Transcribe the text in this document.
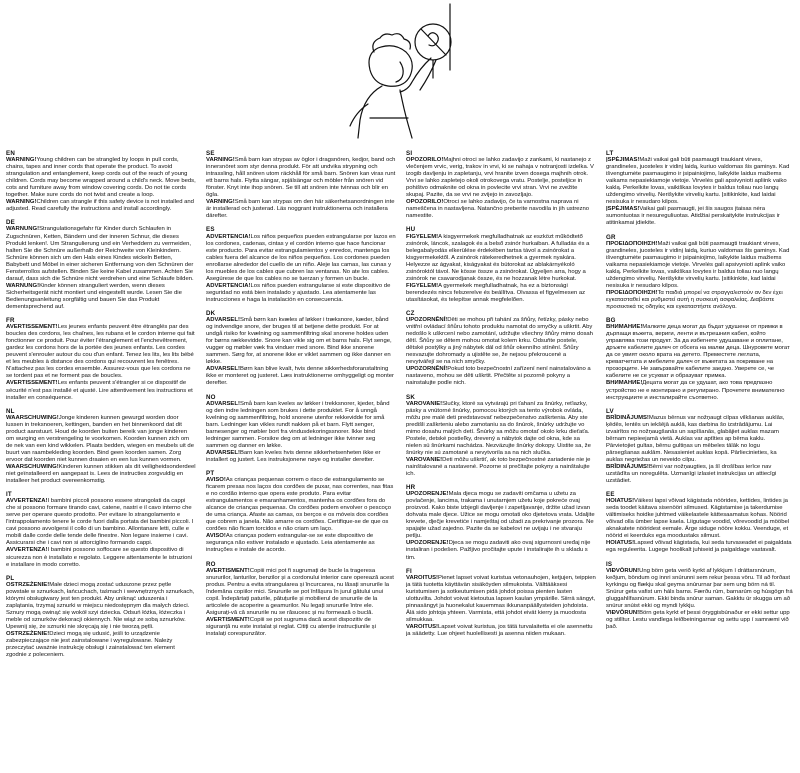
EN

WARNING!Young children can be strangled by loops in pull cords, chains, tapes and inner cords that operate the product. To avoid strangulation and entanglement, keep cords out of the reach of young children. Cords may become wrapped around a child's neck. Move beds, cots and furniture away from window covering cords. Do not tie cords together. Make sure cords do not twist and create a loop.

WARNING!Children can strangle if this safety device is not installed and adjusted. Read carefully the instructions and install accordingly.

DE

WARNUNG!Strangulationsgefahr für Kinder durch Schlaufen in Zugschnüren, Ketten, Bändern und der inneren Schnur, die dieses Produkt lenken!. Um Strangulierung und ein Verheddern zu vermeiden, halten Sie die Schnüre außerhalb der Reichweite von Kleinkindern. Schnüre können sich um den Hals eines Kindes wickeln Betten, Babybett und Möbel in einer sicheren Entfernung von den Schnüren der Fensterrollos aufstellen. Binden Sie keine Kabel zusammen. Achten Sie darauf, dass sich die Schnüre nicht verdrehen und eine Schlaufe bilden.

WARNUNG!Kinder können stranguliert werden, wenn dieses Sicherheitsgerät nicht montiert und eingestellt wurde. Lesen Sie die Bedienungsanleitung sorgfältig und bauen Sie das Produkt dementsprechend auf.

FR

AVERTISSEMENT!Les jeunes enfants peuvent être étranglés par des boucles des cordons, les chaînes, les rubans et le cordon interne qui fait fonctionner ce produit. Pour éviter l'étranglement et l'enchevêtrement, gardez les cordons hors de la portée des jeunes enfants. Les cordes peuvent s'enrouler autour du cou d'un enfant. Tenez les lits, les lits bébé et les meubles à distance des cordons qui recouvrent les fenêtres. N'attachez pas les cordes ensemble. Assurez-vous que les cordons ne se tordent pas et ne forment pas de boucles.

AVERTISSEMENT!Les enfants peuvent s'étrangler si ce dispositif de sécurité n'est pas installé et ajusté. Lire attentivement les instructions et installer en conséquence.

NL

WAARSCHUWING!Jonge kinderen kunnen gewurgd worden door lussen in treksnoeren, kettingen, banden en het binnenkoord dat dit product aanstuurt. Houd de koorden buiten bereik van jonge kinderen om wurging en verstrengeling te voorkomen. Koorden kunnen zich om de nek van een kind wikkelen. Plaats bedden, wiegen en meubels uit de buurt van raambekleding koorden. Bind geen koorden samen. Zorg ervoor dat koorden niet kunnen draaien en een lus kunnen vormen.

WAARSCHUWING!Kinderen kunnen stikken als dit veiligheidsonderdeel niet geïnstalleerd en aangepast is. Lees de instructies zorgvuldig en installeer het product overeenkomstig.

IT

AVVERTENZA!I bambini piccoli possono essere strangolati da cappi che si possono formare tirando cavi, catene, nastri e il cavo interno che serve per operare questo prodotto. Per evitare lo strangolamento e l'intrappolamento tenere le corde fuori dalla portata dei bambini piccoli. I cavi possono avvolgersi il collo di un bambino. Allontanare letti, culle e mobili dalle corde delle tende delle finestre. Non legare insieme i cavi. Assicurarsi che i cavi non si attorciglino formando cappi.

AVVERTENZA!I bambini possono soffocare se questo dispositivo di sicurezza non è installato e regolato. Leggere attentamente le istruzioni e installare in modo corretto.

PL

OSTRZEŻENIE!Małe dzieci mogą zostać uduszone przez pętle powstałe w sznurkach, łańcuchach, taśmach i wewnętrznych sznurkach, którymi obsługiwany jest ten produkt. Aby uniknąć uduszenia i zaplątania, trzymaj sznurki w miejscu niedostępnym dla małych dzieci. Sznury mogą owinąć się wokół szyi dziecka. Odsuń łóżka, łóżeczka i meble od sznurków dekoracji okiennych. Nie wiąż ze sobą sznurków. Upewnij się, że sznurki nie skręcają się i nie tworzą pętli.

OSTRZEŻENIE!Dzieci mogą się udusić, jeśli to urządzenie zabezpieczające nie jest zainstalowane i wyregulowane. Należy przeczytać uważnie instrukcję obsługi i zainstalować ten element zgodnie z poleceniem.

SE

VARNING!Små barn kan strypas av öglor i dragsnören, kedjor, band och innersnöret som styr denna produkt. För att undvika strypning och intrassling, håll snören utom räckhåll för små barn. Snören kan viras runt ett barns hals. Flytta sängar, spjälsängar och möbler från snören vid fönster. Knyt inte ihop snören. Se till att snören inte tvinnas och blir en ögla.

VARNING!Små barn kan strypas om den här säkerhetsanordningen inte är installerad och justerad. Läs noggrant instruktionerna och installera därefter.

ES

ADVERTENCIA!Los niños pequeños pueden estrangularse por lazos en los cordones, cadenas, cintas y el cordón interno que hace funcionar este producto. Para evitar estrangulamientos y enredos, mantenga los cables fuera del alcance de los niños pequeños. Los cordones pueden enrollarse alrededor del cuello de un niño. Aleje las camas, las cunas y los muebles de los cables que cubren las ventanas. No ate los cables. Asegúrese de que los cables no se tuerzan y formen un bucle.

ADVERTENCIA!Los niños pueden estrangularse si este dispositivo de seguridad no está bien instalado y ajustado. Lea atentamente las instrucciones e haga la instalación en consecuencia.

DK

ADVARSEL!Små børn kan kvæles af løkker i træksnore, kæder, bånd og indvendige snore, der bruges til at betjene dette produkt. For at undgå risiko for kvælning og sammenfiltring skal snorene holdes uden for børns rækkevidde. Snore kan vikle sig om et barns hals. Flyt senge, vugger og møbler væk fra vinduer med snore. Bind ikke snorene sammen. Sørg for, at snorene ikke er viklet sammen og ikke danner en løkke.

ADVARSEL!Børn kan blive kvalt, hvis denne sikkerhedsforanstaltning ikke er monteret og justeret. Læs instruktionerne omhyggeligt og monter derefter.

NO

ADVARSEL!Små barn kan kveles av løkker i trekksnorer, kjeder, bånd og den indre ledningen som brukes i dette produktet. For å unngå kvelning og sammenfiltring, hold snorene utenfor rekkevidde for små barn. Ledninger kan vikles rundt nakken på et barn. Flytt senger, barnesenger og møbler bort fra vindusdekoringssnorer. Ikke bind ledninger sammen. Forsikre deg om at ledninger ikke tvinner seg sammen og danner en løkke.

ADVARSEL!Barn kan kveles hvis denne sikkerhetsenheten ikke er installert og justert. Les instruksjonene nøye og installer deretter.

PT

AVISO!As crianças pequenas correm o risco de estrangulamento se ficarem presas nos laços dos cordões de puxar, nas correntes, nas fitas e no cordão interno que opera este produto. Para evitar estrangulamentos e emaranhamentos, mantenha os cordões fora do alcance de crianças pequenas. Os cordões podem envolver o pescoço de uma criança. Afaste as camas, os berços e os móveis dos cordões que cobrem a janela. Não amarre os cordões. Certifique-se de que os cordões não ficam torcidos e não criam um laço.

AVISO!As crianças podem estrangular-se se este dispositivo de segurança não estiver instalado e ajustado. Leia atentamente as instruções e instale de acordo.

RO

AVERTISMENT!Copiii mici pot fi sugrumați de bucle la trageresa snururilor, lanturilor, benzilor și a cordonului interior care operează acest produs. Pentru a evita strangularea și încurcarea, nu lăsați snururile la îndemâna copiilor mici. Snururile se pot înfășura în jurul gâtului unui copil. Îndepărtați paturile, pătuțurile și mobilierul de snururile de la articolele de acoperire a geamurilor. Nu legați snururile între ele. Asigurați-vă că snururile nu se răsucesc și nu formează o buclă.

AVERTISMENT!Copiii se pot sugruma dacă acest dispozitiv de siguranță nu este instalat și reglat. Citiți cu atenție instrucțiunile și instalați corespunzător.

SI

OPOZORILO!Majhni otroci se lahko zadavijo z zankami, ki nastanejo z vlečenjem vrvic, verig, trakov in vrvi, ki se nahaja v notranjosti izdelka. V izogib davljenju in zapletanju, vrvi hranite izven dosega majhnih otrok. Vrvi se lahko zapletejo okoli otrokovega vratu. Postelje, posteljice in pohištvo odmaknite od okna in povlecite vrvi stran. Vrvi ne zvežite skupaj. Pazite, da se vrvi ne zvijejo in zavozljajo.

OPOZORILO!Otroci se lahko zadavijo, če ta varnostna naprava ni nameščena in nastavljena. Natančno preberite navodila in jih ustrezno namestite.

HU

FIGYELEM!A kisgyermekek megfulladhatnak az eszközt működtető zsinórok, láncok, szalagok és a belső zsinór hurkaiban. A fulladás és a belegabalyodás elkerülése érdekében tartsa távol a zsinórokat a kisgyermekektől. A zsinórok rátekeredhetnek a gyermek nyakára. Helyezze az ágyakat, kiságyakat és bútorokat az ablakárnyékoló zsinóroktól távol. Ne kösse össze a zsinórokat. Ügyeljen arra, hogy a zsinórok ne csavarodjanak össze, és ne hozzanak létre hurkokat.

FIGYELEM!A gyermekek megfulladhatnak, ha ez a biztonsági berendezés nincs felszerelve és beállítva. Olvassa el figyelmesen az utasításokat, és telepítse annak megfelelően.

CZ

UPOZORNĚNÍ!Děti se mohou při tahání za šňůry, řetízky, pásky nebo vnitřní ovládací šňůru tohoto produktu namotat do smyčky a uškrtit. Aby nedošlo k uškrcení nebo zamotání, udržujte všechny šňůry mimo dosah dětí. Šňůry se dětem mohou omotat kolem krku. Odsuňte postele, dětské postýlky a jiný nábytek dál od šňůr okenního stínění. Šňůry nesvazujte dohromady a ujistěte se, že nejsou překroucené a nevytvářejí se na nich smyčky.

UPOZORNĚNÍ!Pokud toto bezpečnostní zařízení není nainstalováno a nastaveno, mohou se děti uškrtit. Přečtěte si pozorně pokyny a nainstalujte podle nich.

SK

VAROVANIE!Slučky, ktoré sa vytvárajú pri ťahaní za šnúrky, reťiazky, pásky a vnútorné šnúrky, pomocou ktorých sa tento výrobok ovláda, môžu pre malé deti predstavovať nebezpečenstvo zaškrtenia. Aby ste predišli zaškrteniu alebo zamotaniu sa do šnúrok, šnúrky udržujte vo mimo dosahu malých detí. Šnúrky sa môžu omotať okolo krku dieťaťa. Postele, detské postieľky, drevený a nábytok dajte od okna, kde sa nielen sú šnúrkami nachádza. Nezväzujte šnúrky dokopy. Uistite sa, že šnúrky nie sú zamotané a nevytvorila sa na nich slučka.

VAROVANIE!Deti môžu uškrtiť, ak toto bezpečnostné zariadenie nie je nainštalované a nastavené. Pozorne si prečítajte pokyny a nainštalujte ich.

HR

UPOZORENJE!Mala djeca mogu se zadaviti omčama u užetu za povlačenje, lancima, trakama i unutarnjem užetu koje pokreće ovaj proizvod. Kako biste izbjegli davljenje i zapetljavanje, držite užad izvan dohvata male djece. Užice se mogu omotati oko djetetova vrata. Udaljite krevete, dječje krevetiće i namještaj od užadi za prekrivanje prozora. Ne spajajte užad zajedno. Pazite da se kabelovi ne uvijaju i ne stvaraju petlju.

UPOZORENJE!Djeca se mogu zadaviti ako ovaj sigurnosni uređaj nije instaliran i podešen. Pažljivo pročitajte upute i instalirajte ih u skladu s tim.

FI

VAROITUS!Pienet lapset voivat kuristua vetonauhojen, ketjujen, teippien ja tätä tuotetta käyttävän sisäköyden silmukoista. Välttääksesi kuristumisen ja sotkeutumisen pidä johdot poissa pienten lasten ulottuvilta. Johdot voivat kietoutua lapsen kaulan ympärille. Siirrä sängyt, pinnasängyt ja huonekalut kauemmas ikkunanpäällysteiden johdoista. Älä sido johtoja yhteen. Varmista, että johdot eivät kierry ja muodosta silmukkaa.

VAROITUS!Lapset voivat kuristua, jos tätä turvalaitetta ei ole asennettu ja säädetty. Lue ohjeet huolellisesti ja asenna niiden mukaan.

LT

ĮSPĖJIMAS!Maži vaikai gali būti pasmaugti traukiant virves, grandineles, juosteles ir vidinį laidą, kuriuo valdomas šis gaminys. Kad išvengtumėte pasmaugimo ir įsipainiojimo, laikykite laidus mažiems vaikams nepasiekiamoje vietoje. Virvelės gali apsivynioti apliink vaiko kaklą. Perkelkite lovas, vaikiškas lovytes ir baldus toliau nuo langų uždengimo virvelių. Nerišykite virvelių kartu. Įsitikinkite, kad laidai nesisuka ir nesudaro kilpos.

ĮSPĖJIMAS!Vaikai gali pasmaugti, jei šis saugos įtaisas nėra sumontuotas ir nesureguliuotas. Atidžiai perskaitykite instrukcijas ir atitinkamai įdiekite.

GR

ΠΡΟΕΙΔΟΠΟΙΗΣΗ!Maži vaikai gali būti pasmaugti traukiant virves, grandineles, juosteles ir vidinį laidą, kuriuo valdomas šis gaminys. Kad išvengtumėte pasmaugimo ir įsipainiojimo, laikykite laidus mažiems vaikams nepasiekiamoje vietoje. Virvelės gali apsivynioti aplink vaiko kaklą. Perkelkite lovas, vaikiškas lovytes ir baldus toliau nuo langų uždengimo virvelių. Nerišykite virvelių kartu. Įsitikinkite, kad laidai nesisuka ir nesudaro kilpos.

ΠΡΟΕΙΔΟΠΟΙΗΣΗ!Τα παιδιά μπορεί να στραγγαλιστούν αν δεν έχει εγκατασταθεί και ρυθμιστεί αυτή η συσκευή ασφαλείας. Διαβάστε προσεκτικά τις οδηγίες και εγκαταστήστε ανάλογα.

BG

ВНИМАНИЕ!Малките деца могат да бъдат удушени от примки в дърпащи въжета, вериги, ленти и вътрешния кабел, който управлява този продукт. За да избегнете удушаване и оплитане, дръжте кабелите далеч от обсега на малки деца. Шнуровете могат да се увият около врата на детето. Преместете леглата, креватчетата и мебелите далеч от въжетата за покриване на прозорците. Не завързвайте кабелите заедно. Уверете се, че кабелите не се усукват и образуват примка.

ВНИМАНИЕ!Децата могат да се удушат, ако това предпазно устройство не е монтирано и регулирано. Прочетете внимателно инструкциите и инсталирайте съответно.

LV

BRĪDINĀJUMS!Mazus bērnus var nožņaugt cilpas vilkšanas auklās, ķēdēs, lentēs un iekšējā auklā, kas darbina šo izstrādājumu. Lai izvairītos no nožņaugšanās un sapīšanās, glabājiet auklas mazam bērnam nepieejamā vietā. Auklas var aptīties ap bērna kaklu. Pārvietojiet gultas, bērnu gultiņas un mēbeles tālāk no logu pārsegšanas auklām. Nesasieniet auklas kopā. Pārliecinieties, ka auklas negriežas un neveido cilpu.

BRĪDINĀJUMS!Bērni var nožņaugties, ja šī drošības ierīce nav uzstādīta un noregulēta. Uzmanīgi izlasiet instrukcijas un attiecīgi uzstādiet.

EE

HOIATUS!Väikesi lapsi võivad kägistada nöörides, kettides, lintides ja seda toodet käitava sisenööri silmused. Kägistamise ja takerdumise vältimiseks hoidke juhtmed väikelastele kättesaamatus kohas. Nöörid võivad olla ümber lapse kaela. Liigutage voodid, võrevoodid ja mööbel aknakatete nööridest eemale. Ärge siduge nööre kokku. Veenduge, et nöörid ei keerduks ega moodustaks silmust.

HOIATUS!Lapsed võivad kägistada, kui seda turvaseadet ei paigaldata ega reguleerita. Lugege hoolikalt juhiseid ja paigaldage vastavalt.

IS

VIÐVÖRUN!Ung börn geta verið kyrkt af lykkjum í dráttarsnúrum, keðjum, böndum og innri snúrunni sem rekur þessa vöru. Til að forðast kyrkingu og flækju skal geyma snúrurnar þar sem ung börn ná til. Snúrur geta vafist um háls barns. Færðu rúm, barnarúm og húsgögn frá gluggahlífasnúrum. Ekki binda snúrur saman. Gakktu úr skugga um að snúrur snúist ekki og myndi lykkju.

VIÐVÖRUN!Börn geta kyrkt ef þessi öryggisbúnaður er ekki settur upp og stilltur. Lestu vandlega leiðbeiningarnar og settu upp í samræmi við það.
